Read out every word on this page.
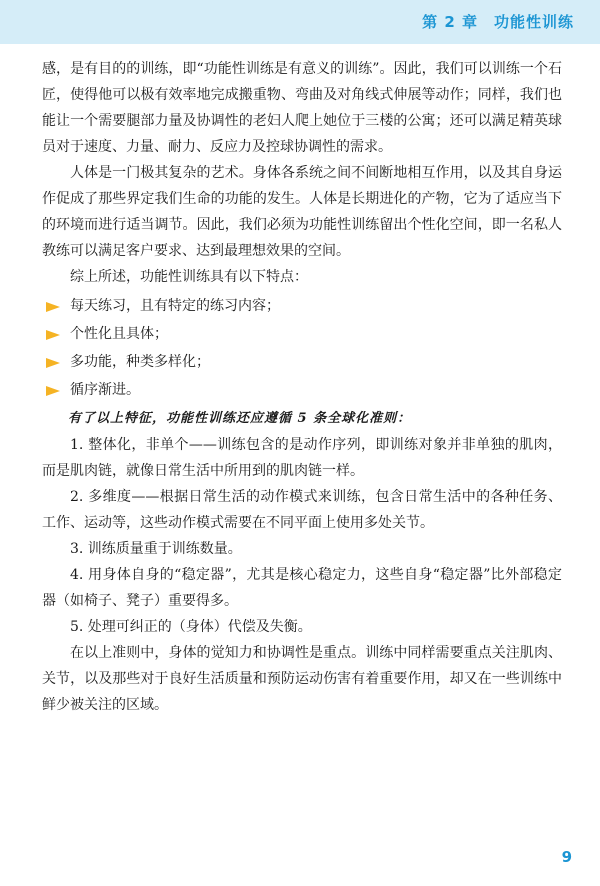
第 2 章　功能性训练

感，是有目的的训练，即“功能性训练是有意义的训练”。因此，我们可以训练一个石匠，使得他可以极有效率地完成搬重物、弯曲及对角线式伸展等动作；同样，我们也能让一个需要腿部力量及协调性的老妇人爬上她位于三楼的公寓；还可以满足精英球员对于速度、力量、耐力、反应力及控球协调性的需求。

人体是一门极其复杂的艺术。身体各系统之间不间断地相互作用，以及其自身运作促成了那些界定我们生命的功能的发生。人体是长期进化的产物，它为了适应当下的环境而进行适当调节。因此，我们必须为功能性训练留出个性化空间，即一名私人教练可以满足客户要求、达到最理想效果的空间。

综上所述，功能性训练具有以下特点：

每天练习，且有特定的练习内容；
个性化且具体；
多功能，种类多样化；
循序渐进。

有了以上特征，功能性训练还应遵循 5 条全球化准则：

1. 整体化，非单个——训练包含的是动作序列，即训练对象并非单独的肌肉，而是肌肉链，就像日常生活中所用到的肌肉链一样。

2. 多维度——根据日常生活的动作模式来训练，包含日常生活中的各种任务、工作、运动等，这些动作模式需要在不同平面上使用多处关节。

3. 训练质量重于训练数量。

4. 用身体自身的“稳定器”，尤其是核心稳定力，这些自身“稳定器”比外部稳定器（如椅子、凳子）重要得多。

5. 处理可纠正的（身体）代偿及失衡。

在以上准则中，身体的觉知力和协调性是重点。训练中同样需要重点关注肌肉、关节，以及那些对于良好生活质量和预防运动伤害有着重要作用，却又在一些训练中鲜少被关注的区域。

9
